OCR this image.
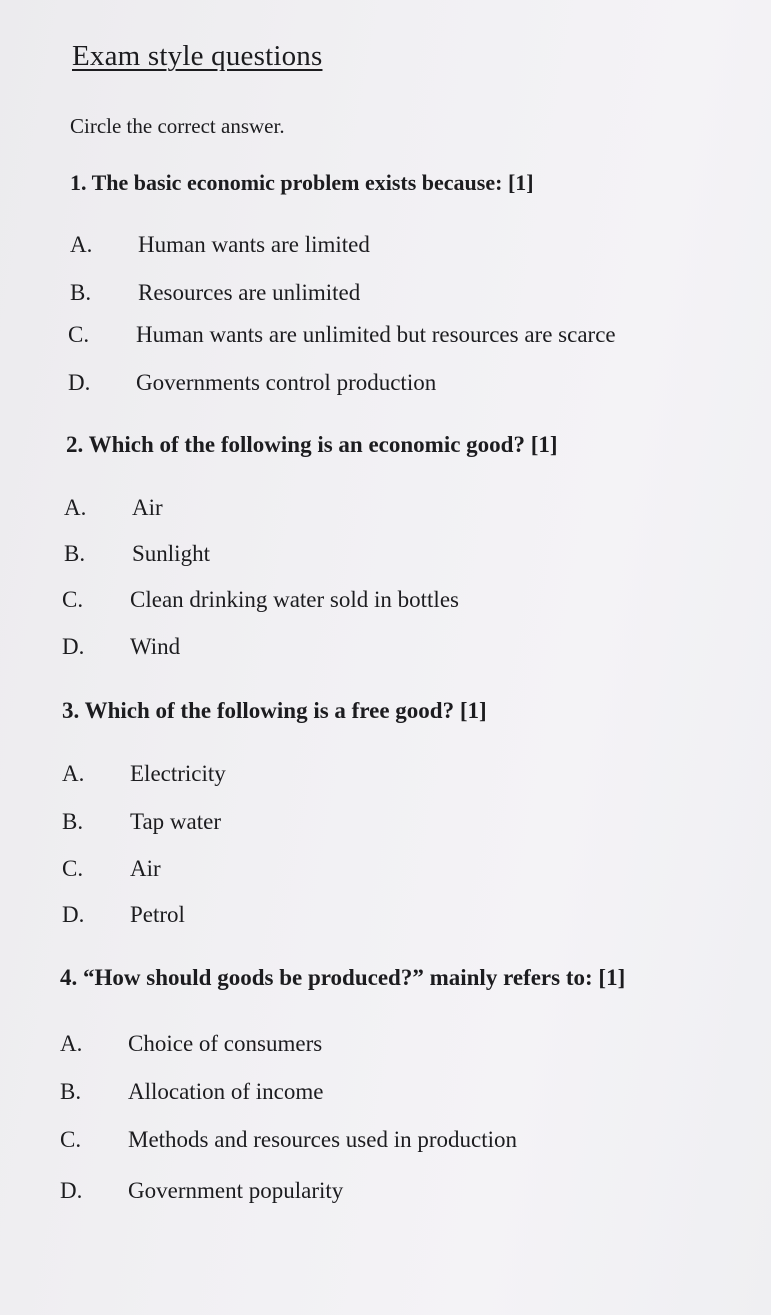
Exam style questions
Circle the correct answer.
1. The basic economic problem exists because: [1]
A. Human wants are limited
B. Resources are unlimited
C. Human wants are unlimited but resources are scarce
D. Governments control production
2. Which of the following is an economic good? [1]
A. Air
B. Sunlight
C. Clean drinking water sold in bottles
D. Wind
3. Which of the following is a free good? [1]
A. Electricity
B. Tap water
C. Air
D. Petrol
4. “How should goods be produced?” mainly refers to: [1]
A. Choice of consumers
B. Allocation of income
C. Methods and resources used in production
D. Government popularity
